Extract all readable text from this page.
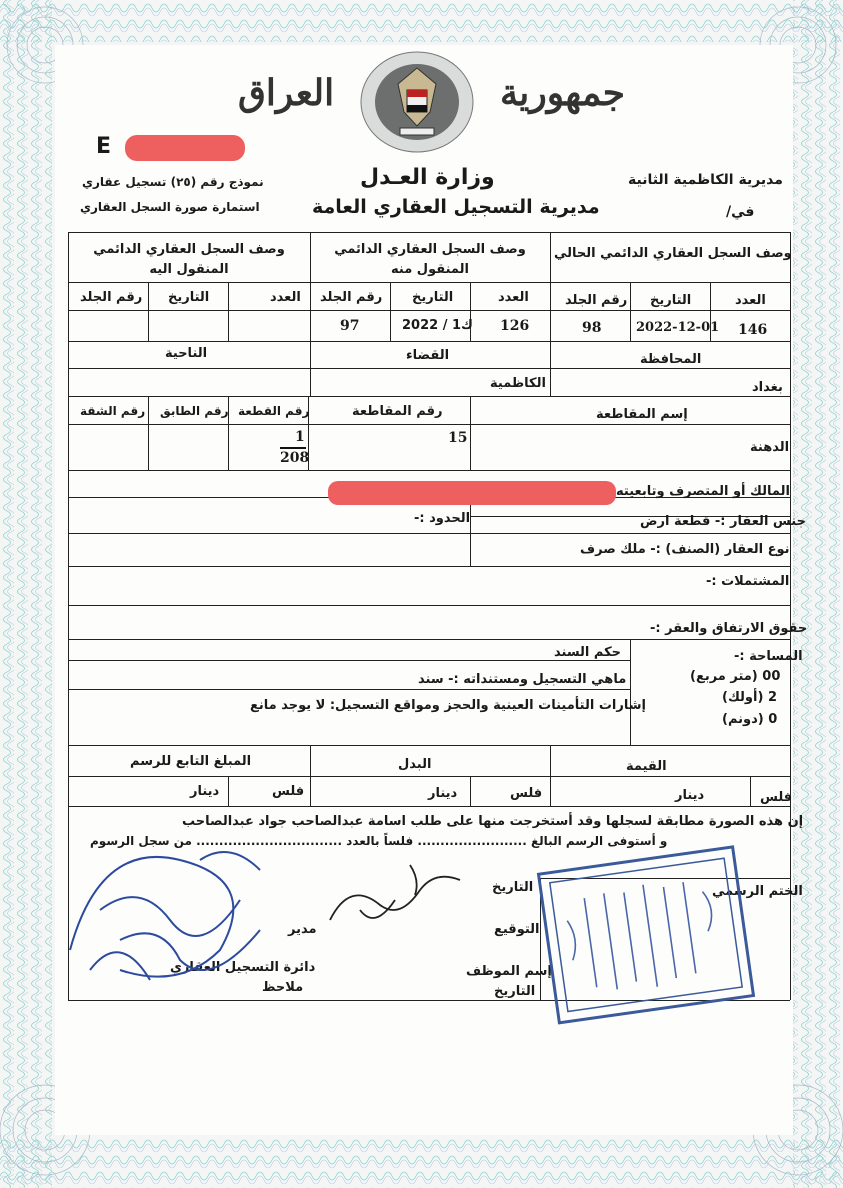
جمهورية
العراق
وزارة العـدل
مديرية التسجيل العقاري العامة
E
نموذج رقم (٢٥) تسجيل عقاري
استمارة صورة السجل العقاري
مديرية الكاظمية الثانية
في/
وصف السجل العقاري الدائمي الحالي
وصف السجل العقاري الدائمي المنقول منه
وصف السجل العقاري الدائمي المنقول اليه
العدد
التاريخ
رقم الجلد
العدد
التاريخ
رقم الجلد
العدد
التاريخ
رقم الجلد
146
2022-12-01
98
126
2022 / 1ك
97
المحافظة
القضاء
الناحية
بغداد
الكاظمية
إسم المقاطعة
رقم المقاطعة
رقم القطعة
رقم الطابق
رقم الشقة
الدهنة
15
1
208
المالك أو المتصرف وتابعيته
الحدود :-	جنس العقار :- قطعة ارض
نوع العقار (الصنف) :- ملك صرف
المشتملات :-
حقوق الارتفاق والعقر :-
المساحة :-
00 (متر مربع)
2 (أولك)
0 (دونم)
حكم السند
ماهي التسجيل ومستنداته :- سند
إشارات التأمينات العينية والحجز ومواقع التسجيل: لا يوجد مانع
القيمة
البدل
المبلغ التابع للرسم
فلس
دينار
فلس
دينار
فلس
دينار
إن هذه الصورة مطابقة لسجلها وقد أستخرجت منها على طلب اسامة عبدالصاحب جواد عبدالصاحب
و أستوفى الرسم البالغ ........................ فلساً بالعدد ................................ من سجل الرسوم
الختم الرسمي
التاريخ
التوقيع
إسم الموظف
التاريخ
مدير
دائرة التسجيل العقاري
ملاحظ
